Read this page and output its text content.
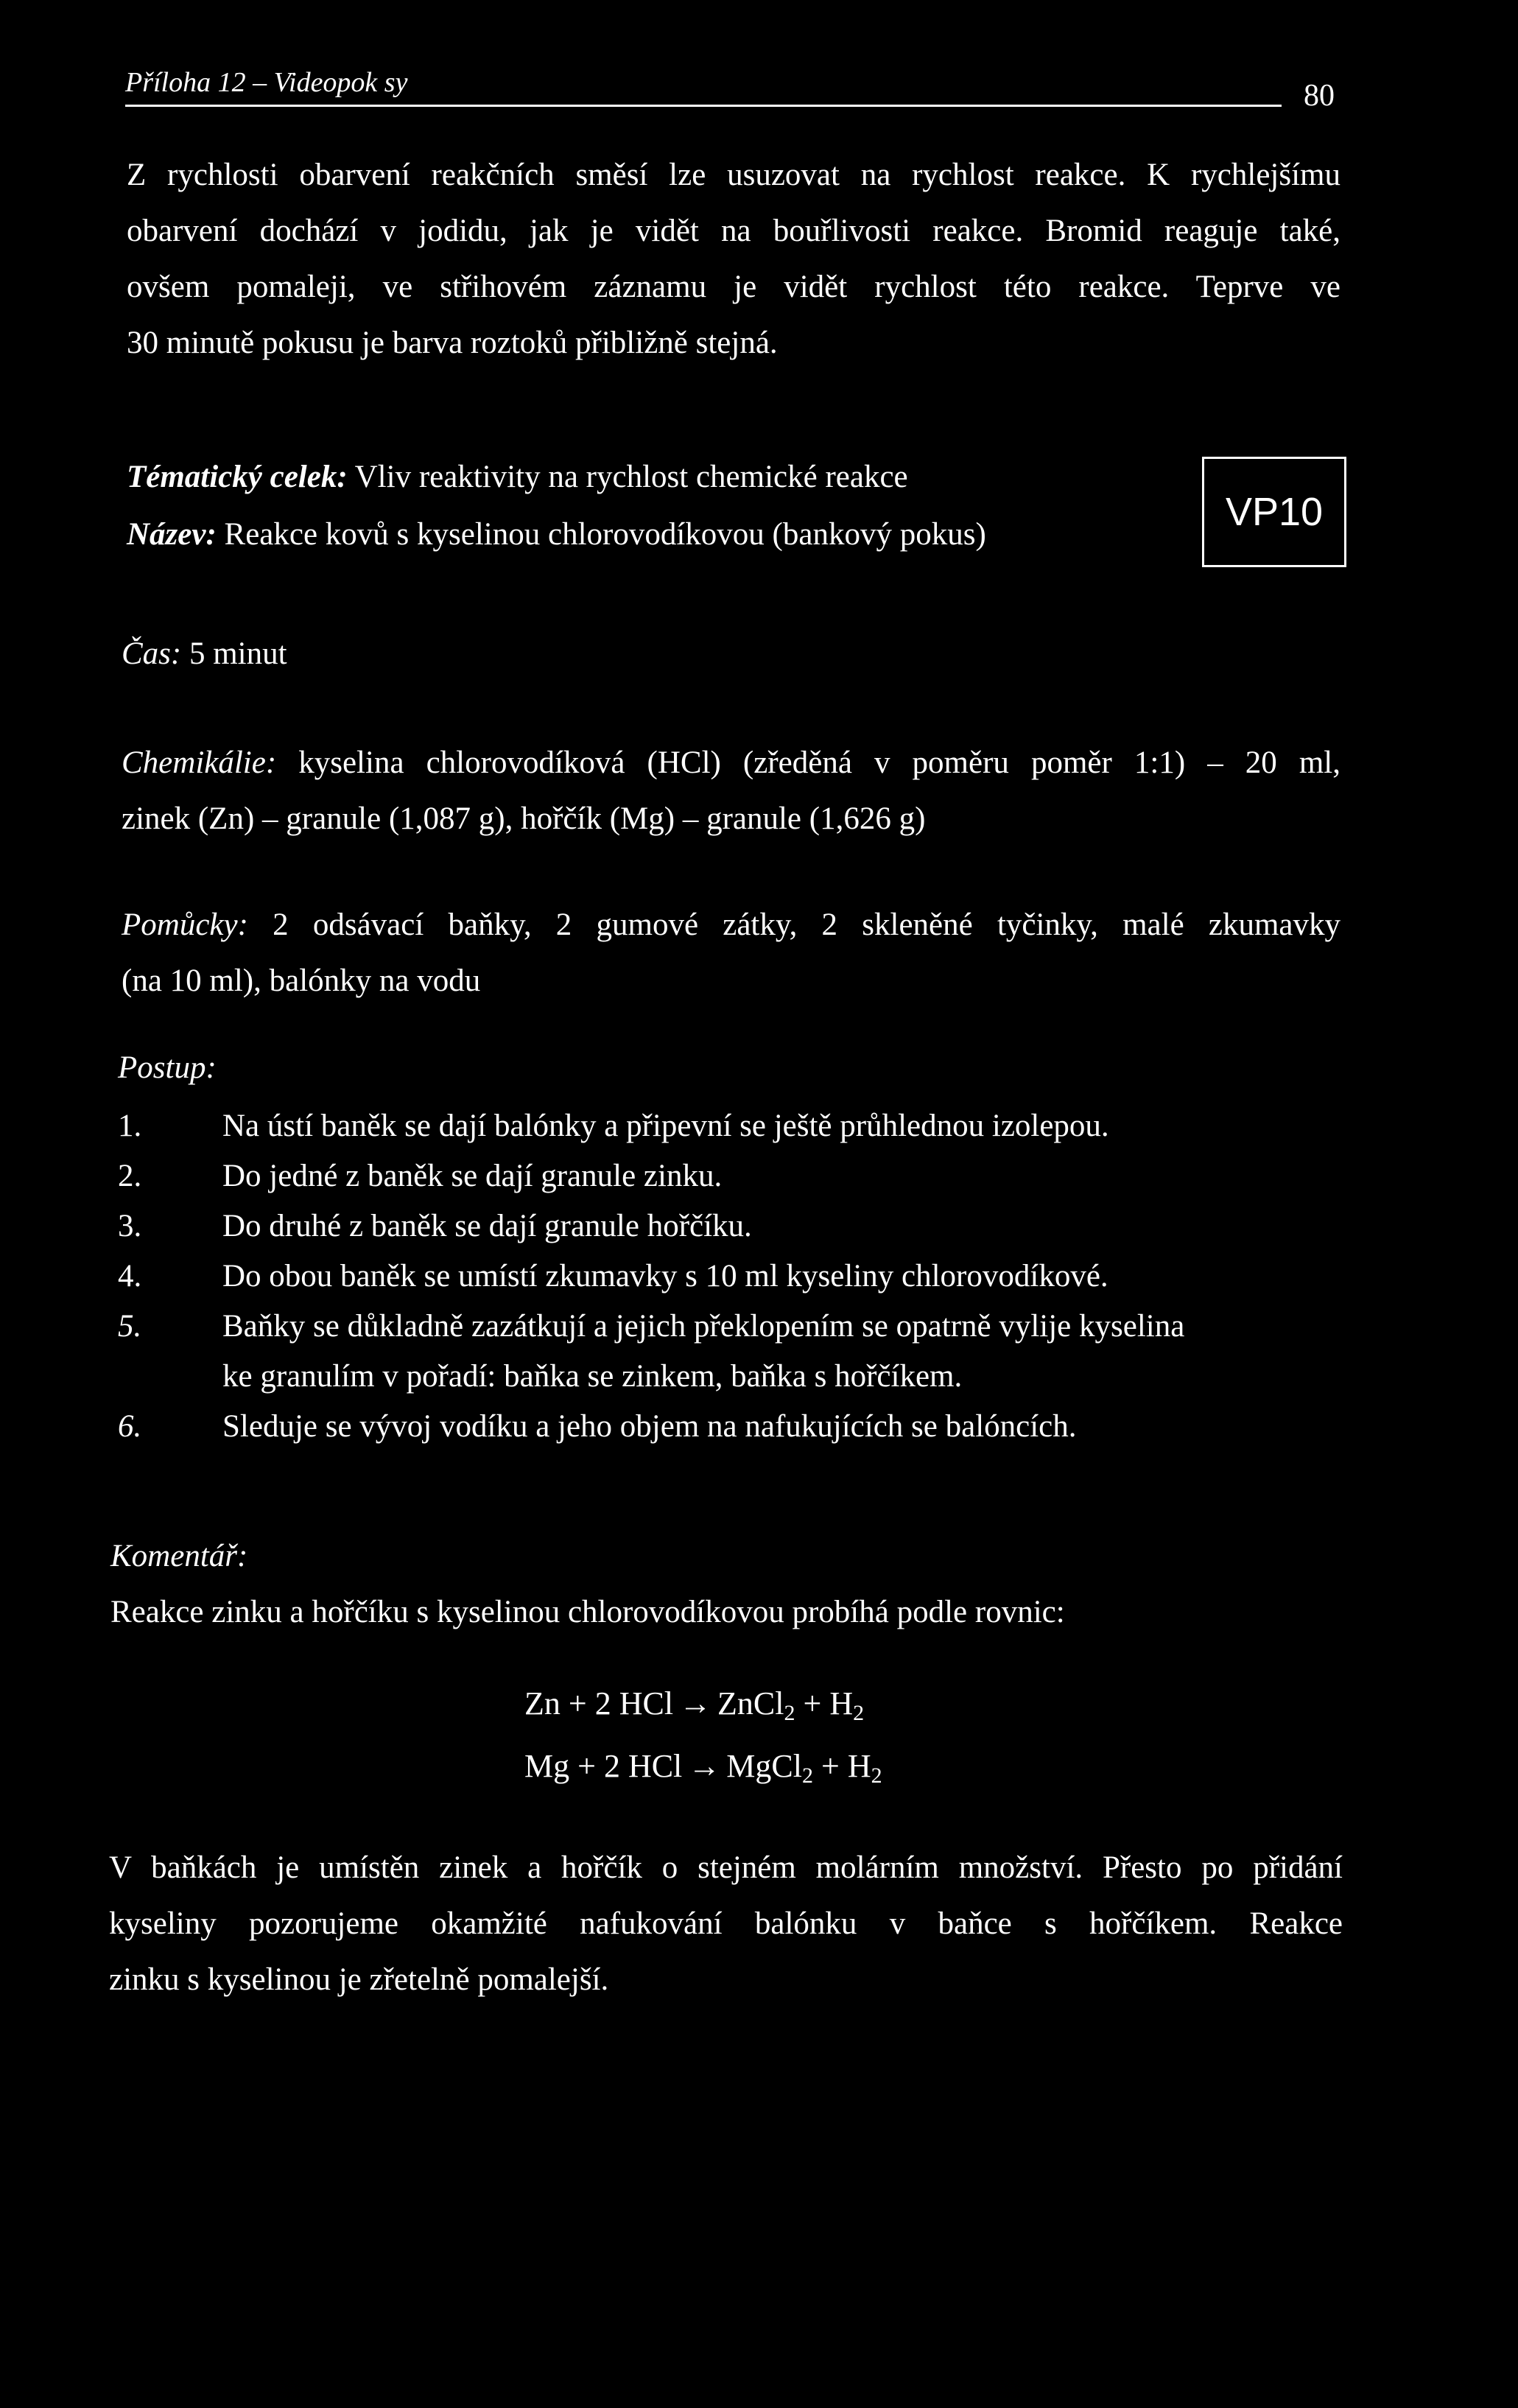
Příloha 12 – Videopok sy	80
Z rychlosti obarvení reakčních směsí lze usuzovat na rychlost reakce. K rychlejšímu
obarvení dochází v jodidu, jak je vidět na bouřlivosti reakce. Bromid reaguje také,
ovšem pomaleji, ve střihovém záznamu je vidět rychlost této reakce. Teprve ve
30 minutě pokusu je barva roztoků přibližně stejná.
Tématický celek: Vliv reaktivity na rychlost chemické reakce
Název: Reakce kovů s kyselinou chlorovodíkovou (bankový pokus)
VP10
Čas: 5 minut
Chemikálie: kyselina chlorovodíková (HCl) (zředěná v poměru poměr 1:1) – 20 ml,
zinek (Zn) – granule (1,087 g), hořčík (Mg) – granule (1,626 g)
Pomůcky: 2 odsávací baňky, 2 gumové zátky, 2 skleněné tyčinky, malé zkumavky
(na 10 ml), balónky na vodu
Postup:
1.	Na ústí baněk se dají balónky a připevní se ještě průhlednou izolepou.
2.	Do jedné z baněk se dají granule zinku.
3.	Do druhé z baněk se dají granule hořčíku.
4.	Do obou baněk se umístí zkumavky s 10 ml kyseliny chlorovodíkové.
5.	Baňky se důkladně zazátkují a jejich překlopením se opatrně vylije kyselina
ke granulím v pořadí: baňka se zinkem, baňka s hořčíkem.
6.	Sleduje se vývoj vodíku a jeho objem na nafukujících se balóncích.
Komentář:
Reakce zinku a hořčíku s kyselinou chlorovodíkovou probíhá podle rovnic:
Zn + 2 HCl → ZnCl$_2$ + $H_2$
Mg + 2 HCl → MgCl$_2$ + $H_2$
V baňkách je umístěn zinek a hořčík o stejném molárním množství. Přesto po přidání
kyseliny pozorujeme okamžité nafukování balónku v baňce s hořčíkem. Reakce
zinku s kyselinou je zřetelně pomalejší.
